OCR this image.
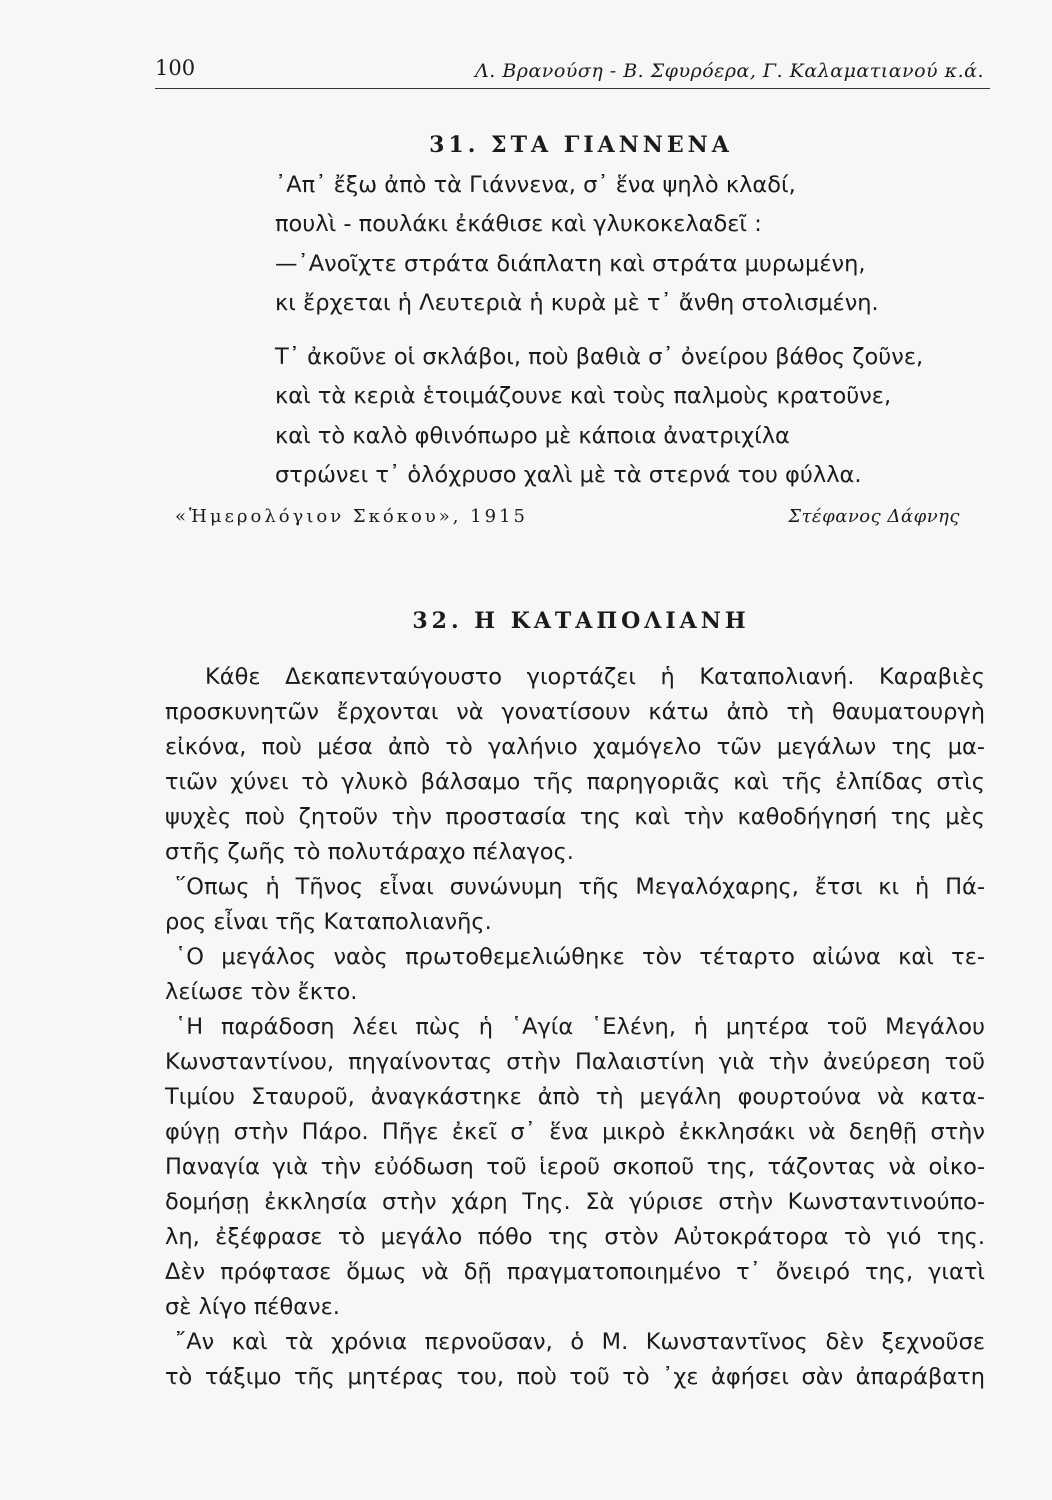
100	Λ. Βρανούση - Β. Σφυρόερα, Γ. Καλαματιανού κ.ά.
31. ΣΤΑ ΓΙΑΝΝΕΝΑ
᾿Απ᾿ ἔξω ἀπὸ τὰ Γιάννενα, σ᾿ ἕνα ψηλὸ κλαδί,
πουλὶ - πουλάκι ἐκάθισε καὶ γλυκοκελαδεῖ :
—᾿Ανοῖχτε στράτα διάπλατη καὶ στράτα μυρωμένη,
κι ἔρχεται ἡ Λευτεριὰ ἡ κυρὰ μὲ τ᾿ ἄνθη στολισμένη.
Τ᾿ ἀκοῦνε οἱ σκλάβοι, ποὺ βαθιὰ σ᾿ ὀνείρου βάθος ζοῦνε,
καὶ τὰ κεριὰ ἑτοιμάζουνε καὶ τοὺς παλμοὺς κρατοῦνε,
καὶ τὸ καλὸ φθινόπωρο μὲ κάποια ἀνατριχίλα
στρώνει τ᾿ ὁλόχρυσο χαλὶ μὲ τὰ στερνά του φύλλα.
«Ἡμερολόγιον Σκόκου», 1915	Στέφανος Δάφνης
32. Η ΚΑΤΑΠΟΛΙΑΝΗ
Κάθε Δεκαπενταύγουστο γιορτάζει ἡ Καταπολιανή. Καραβιὲς
προσκυνητῶν ἔρχονται νὰ γονατίσουν κάτω ἀπὸ τὴ θαυματουργὴ
εἰκόνα, ποὺ μέσα ἀπὸ τὸ γαλήνιο χαμόγελο τῶν μεγάλων της μα-
τιῶν χύνει τὸ γλυκὸ βάλσαμο τῆς παρηγοριᾶς καὶ τῆς ἐλπίδας στὶς
ψυχὲς ποὺ ζητοῦν τὴν προστασία της καὶ τὴν καθοδήγησή της μὲς
στῆς ζωῆς τὸ πολυτάραχο πέλαγος.
῞Οπως ἡ Τῆνος εἶναι συνώνυμη τῆς Μεγαλόχαρης, ἔτσι κι ἡ Πά-
ρος εἶναι τῆς Καταπολιανῆς.
῾Ο μεγάλος ναὸς πρωτοθεμελιώθηκε τὸν τέταρτο αἰώνα καὶ τε-
λείωσε τὸν ἔκτο.
῾Η παράδοση λέει πὼς ἡ ῾Αγία ῾Ελένη, ἡ μητέρα τοῦ Μεγάλου
Κωνσταντίνου, πηγαίνοντας στὴν Παλαιστίνη γιὰ τὴν ἀνεύρεση τοῦ
Τιμίου Σταυροῦ, ἀναγκάστηκε ἀπὸ τὴ μεγάλη φουρτούνα νὰ κατα-
φύγῃ στὴν Πάρο. Πῆγε ἐκεῖ σ᾿ ἕνα μικρὸ ἐκκλησάκι νὰ δεηθῇ στὴν
Παναγία γιὰ τὴν εὐόδωση τοῦ ἱεροῦ σκοποῦ της, τάζοντας νὰ οἰκο-
δομήσῃ ἐκκλησία στὴν χάρη Της. Σὰ γύρισε στὴν Κωνσταντινούπο-
λη, ἐξέφρασε τὸ μεγάλο πόθο της στὸν Αὐτοκράτορα τὸ γιό της.
Δὲν πρόφτασε ὅμως νὰ δῇ πραγματοποιημένο τ᾿ ὄνειρό της, γιατὶ
σὲ λίγο πέθανε.
῎Αν καὶ τὰ χρόνια περνοῦσαν, ὁ Μ. Κωνσταντῖνος δὲν ξεχνοῦσε
τὸ τάξιμο τῆς μητέρας του, ποὺ τοῦ τὸ ᾿χε ἀφήσει σὰν ἀπαράβατη
